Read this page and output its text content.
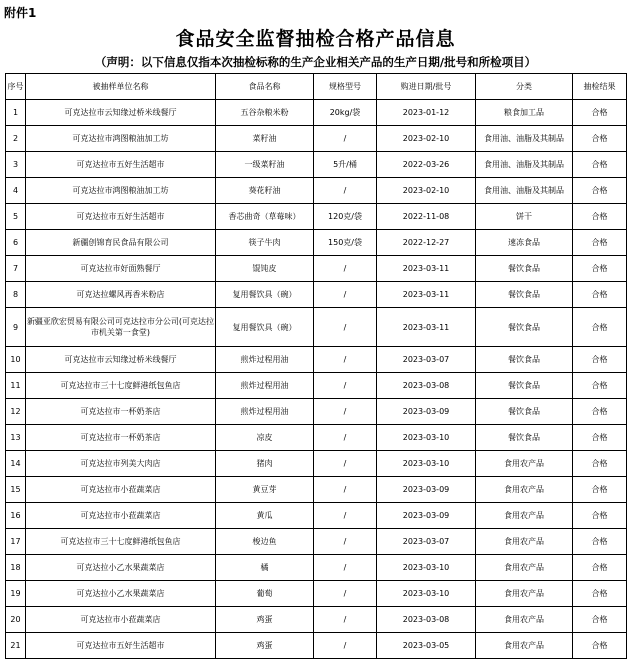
附件1
食品安全监督抽检合格产品信息
（声明：以下信息仅指本次抽检标称的生产企业相关产品的生产日期/批号和所检项目）
序号	被抽样单位名称	食品名称	规格型号	购进日期/批号	分类	抽检结果
1	可克达拉市云知缘过桥米线餐厅	五谷杂粮米粉	20kg/袋	2023-01-12	粮食加工品	合格
2	可克达拉市鸿图粮油加工坊	菜籽油	/	2023-02-10	食用油、油脂及其制品	合格
3	可克达拉市五好生活超市	一级菜籽油	5升/桶	2022-03-26	食用油、油脂及其制品	合格
4	可克达拉市鸿图粮油加工坊	葵花籽油	/	2023-02-10	食用油、油脂及其制品	合格
5	可克达拉市五好生活超市	香芯曲奇（草莓味）	120克/袋	2022-11-08	饼干	合格
6	新疆创锦育民食品有限公司	筷子牛肉	150克/袋	2022-12-27	速冻食品	合格
7	可克达拉市好面熟餐厅	馄饨皮	/	2023-03-11	餐饮食品	合格
8	可克达拉螺风再香米粉店	复用餐饮具（碗）	/	2023-03-11	餐饮食品	合格
9	新疆亚欣宏贸易有限公司可克达拉市分公司(可克达拉市机关第一食堂)	复用餐饮具（碗）	/	2023-03-11	餐饮食品	合格
10	可克达拉市云知缘过桥米线餐厅	煎炸过程用油	/	2023-03-07	餐饮食品	合格
11	可克达拉市三十七度鲜港纸包鱼店	煎炸过程用油	/	2023-03-08	餐饮食品	合格
12	可克达拉市一杯奶茶店	煎炸过程用油	/	2023-03-09	餐饮食品	合格
13	可克达拉市一杯奶茶店	凉皮	/	2023-03-10	餐饮食品	合格
14	可克达拉市列美大肉店	猪肉	/	2023-03-10	食用农产品	合格
15	可克达拉市小菈蔬菜店	黄豆芽	/	2023-03-09	食用农产品	合格
16	可克达拉市小菈蔬菜店	黄瓜	/	2023-03-09	食用农产品	合格
17	可克达拉市三十七度鲜港纸包鱼店	梭边鱼	/	2023-03-07	食用农产品	合格
18	可克达拉小乙水果蔬菜店	橘	/	2023-03-10	食用农产品	合格
19	可克达拉小乙水果蔬菜店	葡萄	/	2023-03-10	食用农产品	合格
20	可克达拉市小菈蔬菜店	鸡蛋	/	2023-03-08	食用农产品	合格
21	可克达拉市五好生活超市	鸡蛋	/	2023-03-05	食用农产品	合格
